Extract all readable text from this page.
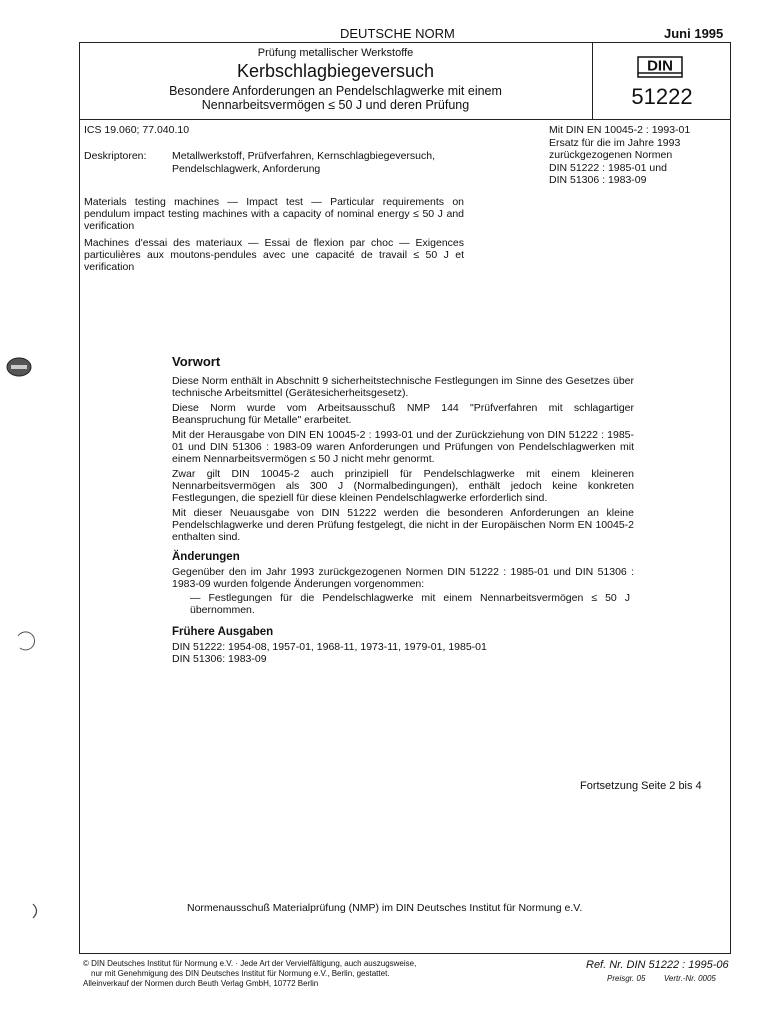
DEUTSCHE NORM	Juni 1995
Prüfung metallischer Werkstoffe
Kerbschlagbiegeversuch
Besondere Anforderungen an Pendelschlagwerke mit einem
Nennarbeitsvermögen ≤ 50 J und deren Prüfung
DIN
51222
ICS 19.060; 77.040.10
Deskriptoren: Metallwerkstoff, Prüfverfahren, Kernschlagbiegeversuch,
Pendelschlagwerk, Anforderung
Mit DIN EN 10045-2 : 1993-01
Ersatz für die im Jahre 1993
zurückgezogenen Normen
DIN 51222 : 1985-01 und
DIN 51306 : 1983-09
Materials testing machines — Impact test — Particular requirements on pendulum impact testing machines with a capacity of nominal energy ≤ 50 J and verification
Machines d'essai des materiaux — Essai de flexion par choc — Exigences particulières aux moutons-pendules avec une capacité de travail ≤ 50 J et verification
Vorwort
Diese Norm enthält in Abschnitt 9 sicherheitstechnische Festlegungen im Sinne des Gesetzes über technische Arbeitsmittel (Gerätesicherheitsgesetz).
Diese Norm wurde vom Arbeitsausschuß NMP 144 "Prüfverfahren mit schlagartiger Beanspruchung für Metalle" erarbeitet.
Mit der Herausgabe von DIN EN 10045-2 : 1993-01 und der Zurückziehung von DIN 51222 : 1985-01 und DIN 51306 : 1983-09 waren Anforderungen und Prüfungen von Pendelschlagwerken mit einem Nennarbeitsvermögen ≤ 50 J nicht mehr genormt.
Zwar gilt DIN 10045-2 auch prinzipiell für Pendelschlagwerke mit einem kleineren Nennarbeitsvermögen als 300 J (Normalbedingungen), enthält jedoch keine konkreten Festlegungen, die speziell für diese kleinen Pendelschlagwerke erforderlich sind.
Mit dieser Neuausgabe von DIN 51222 werden die besonderen Anforderungen an kleine Pendelschlagwerke und deren Prüfung festgelegt, die nicht in der Europäischen Norm EN 10045-2 enthalten sind.
Änderungen
Gegenüber den im Jahr 1993 zurückgezogenen Normen DIN 51222 : 1985-01 und DIN 51306 : 1983-09 wurden folgende Änderungen vorgenommen:
— Festlegungen für die Pendelschlagwerke mit einem Nennarbeitsvermögen ≤ 50 J übernommen.
Frühere Ausgaben
DIN 51222: 1954-08, 1957-01, 1968-11, 1973-11, 1979-01, 1985-01
DIN 51306: 1983-09
Fortsetzung Seite 2 bis 4
Normenausschuß Materialprüfung (NMP) im DIN Deutsches Institut für Normung e.V.
© DIN Deutsches Institut für Normung e.V. · Jede Art der Vervielfältigung, auch auszugsweise,
nur mit Genehmigung des DIN Deutsches Institut für Normung e.V., Berlin, gestattet.
Alleinverkauf der Normen durch Beuth Verlag GmbH, 10772 Berlin
Ref. Nr. DIN 51222 : 1995-06
Preisgr. 05 Vertr.-Nr. 0005
